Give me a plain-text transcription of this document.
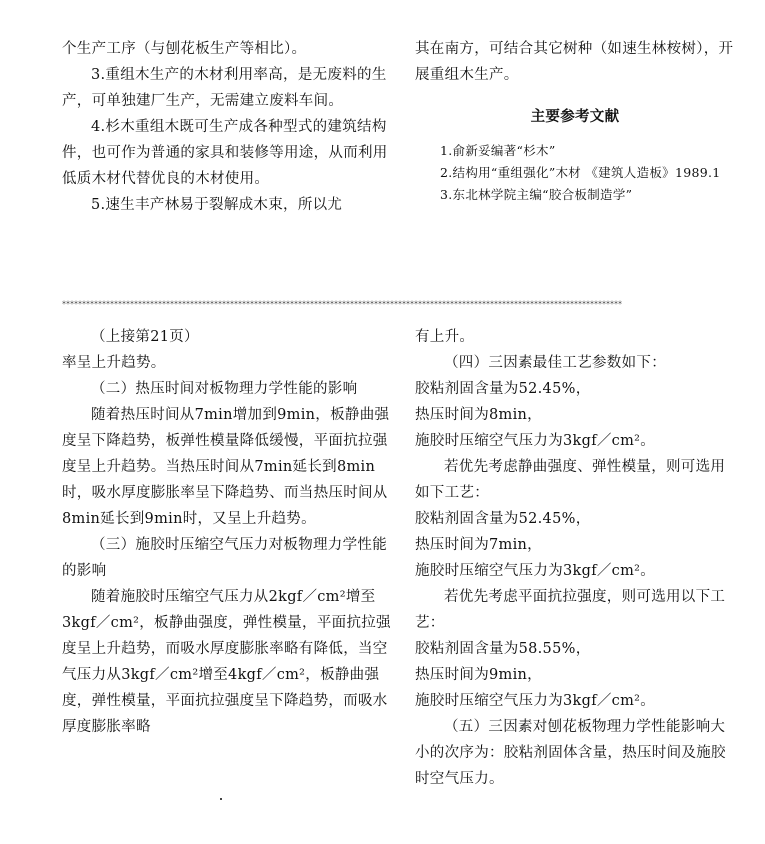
个生产工序（与刨花板生产等相比）。

3.重组木生产的木材利用率高，是无废料的生产，可单独建厂生产，无需建立废料车间。

4.杉木重组木既可生产成各种型式的建筑结构件，也可作为普通的家具和装修等用途，从而利用低质木材代替优良的木材使用。

5.速生丰产林易于裂解成木束，所以尤

其在南方，可结合其它树种（如速生林桉树），开展重组木生产。

主要参考文献

1.俞新妥编著“杉木”

2.结构用“重组强化”木材 《建筑人造板》1989.1

3.东北林学院主编“胶合板制造学”

⁎⁎⁎⁎⁎⁎⁎⁎⁎⁎⁎⁎⁎⁎⁎⁎⁎⁎⁎⁎⁎⁎⁎⁎⁎⁎⁎⁎⁎⁎⁎⁎⁎⁎⁎⁎⁎⁎⁎⁎⁎⁎⁎⁎⁎⁎⁎⁎⁎⁎⁎⁎⁎⁎⁎⁎⁎⁎⁎⁎⁎⁎⁎⁎⁎⁎⁎⁎⁎⁎⁎⁎⁎⁎⁎⁎⁎⁎⁎⁎⁎⁎⁎⁎⁎⁎⁎⁎⁎⁎⁎⁎⁎⁎⁎⁎⁎⁎⁎⁎⁎⁎⁎⁎⁎⁎⁎⁎⁎⁎⁎⁎⁎⁎⁎⁎⁎⁎⁎⁎⁎⁎⁎⁎⁎⁎⁎⁎⁎⁎⁎⁎⁎⁎⁎⁎⁎⁎⁎⁎

（上接第21页）

率呈上升趋势。

（二）热压时间对板物理力学性能的影响

随着热压时间从7min增加到9min，板静曲强度呈下降趋势，板弹性模量降低缓慢，平面抗拉强度呈上升趋势。当热压时间从7min延长到8min时，吸水厚度膨胀率呈下降趋势、而当热压时间从8min延长到9min时，又呈上升趋势。

（三）施胶时压缩空气压力对板物理力学性能的影响

随着施胶时压缩空气压力从2kgf／cm²增至3kgf／cm²，板静曲强度，弹性模量，平面抗拉强度呈上升趋势，而吸水厚度膨胀率略有降低，当空气压力从3kgf／cm²增至4kgf／cm²，板静曲强度，弹性模量，平面抗拉强度呈下降趋势，而吸水厚度膨胀率略

有上升。

（四）三因素最佳工艺参数如下：

胶粘剂固含量为52.45%，

热压时间为8min，

施胶时压缩空气压力为3kgf／cm²。

若优先考虑静曲强度、弹性模量，则可选用如下工艺：

胶粘剂固含量为52.45%，

热压时间为7min，

施胶时压缩空气压力为3kgf／cm²。

若优先考虑平面抗拉强度，则可选用以下工艺：

胶粘剂固含量为58.55%，

热压时间为9min，

施胶时压缩空气压力为3kgf／cm²。

（五）三因素对刨花板物理力学性能影响大小的次序为：胶粘剂固体含量，热压时间及施胶时空气压力。
